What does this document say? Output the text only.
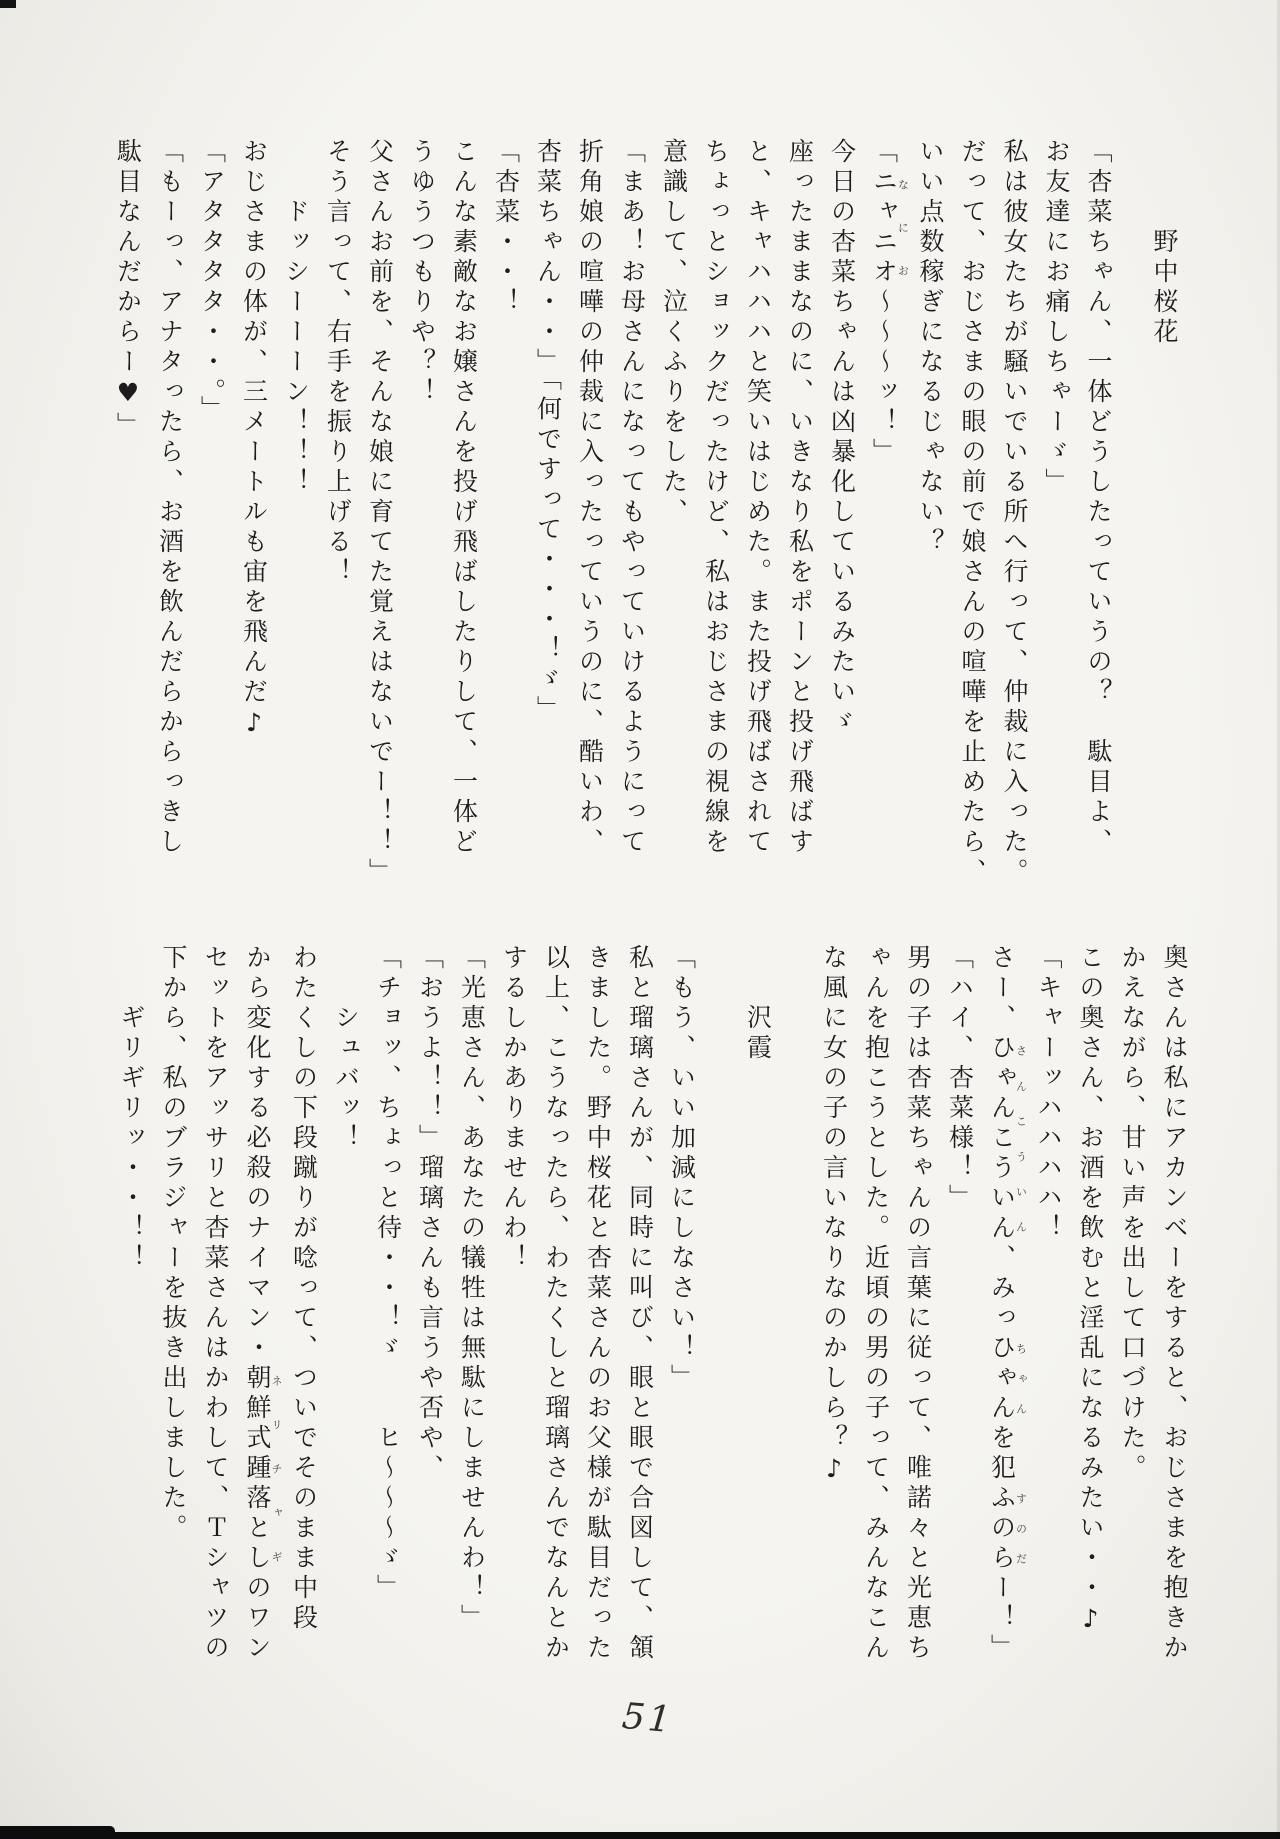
野中桜花
「杏菜ちゃん、一体どうしたっていうの？　駄目よ、
お友達にお痛しちゃーゞ」
私は彼女たちが騒いでいる所へ行って、仲裁に入った。
だって、おじさまの眼の前で娘さんの喧嘩を止めたら、
いい点数稼ぎになるじゃない？
「ニャニオなにお〜〜〜ッ！」
今日の杏菜ちゃんは凶暴化しているみたいゞ
座ったままなのに、いきなり私をポーンと投げ飛ばす
と、キャハハハと笑いはじめた。また投げ飛ばされて
ちょっとショックだったけど、私はおじさまの視線を
意識して、泣くふりをした、
「まあ！お母さんになってもやっていけるようにって
折角娘の喧嘩の仲裁に入ったっていうのに、酷いわ、
杏菜ちゃん・・」「何ですって・・・！ゞ」
「杏菜・・！
こんな素敵なお嬢さんを投げ飛ばしたりして、一体ど
うゆうつもりや？！
父さんお前を、そんな娘に育てた覚えはないでー！！」
そう言って、右手を振り上げる！
ドッシーーーン！！！
おじさまの体が、三メートルも宙を飛んだ♪
「アタタタタ・・。」
「もーっ、アナタったら、お酒を飲んだらからっきし
駄目なんだからー♥」
奥さんは私にアカンベーをすると、おじさまを抱きか
かえながら、甘い声を出して口づけた。
この奥さん、お酒を飲むと淫乱になるみたい・・♪
「キャーッハハハハ！
さー、ひゃんこういんさんこういん、みっひゃんちゃんを犯ふのらすのだー！」
「ハイ、杏菜様！」
男の子は杏菜ちゃんの言葉に従って、唯諾々と光恵ち
ゃんを抱こうとした。近頃の男の子って、みんなこん
な風に女の子の言いなりなのかしら？♪
沢霞
「もう、いい加減にしなさい！」
私と瑠璃さんが、同時に叫び、眼と眼で合図して、頷
きました。野中桜花と杏菜さんのお父様が駄目だった
以上、こうなったら、わたくしと瑠璃さんでなんとか
するしかありませんわ！
「光恵さん、あなたの犠牲は無駄にしませんわ！」
「おうよ！！」瑠璃さんも言うや否や、
「チョッ、ちょっと待・・！ゞ　　ヒ〜〜〜ゞ」
シュバッ！
わたくしの下段蹴りが唸って、ついでそのまま中段
から変化する必殺のナイマン・朝鮮式踵落としネリチャギのワン
セットをアッサリと杏菜さんはかわして、Ｔシャツの
下から、私のブラジャーを抜き出しました。
ギリギリッ・・！！
51
